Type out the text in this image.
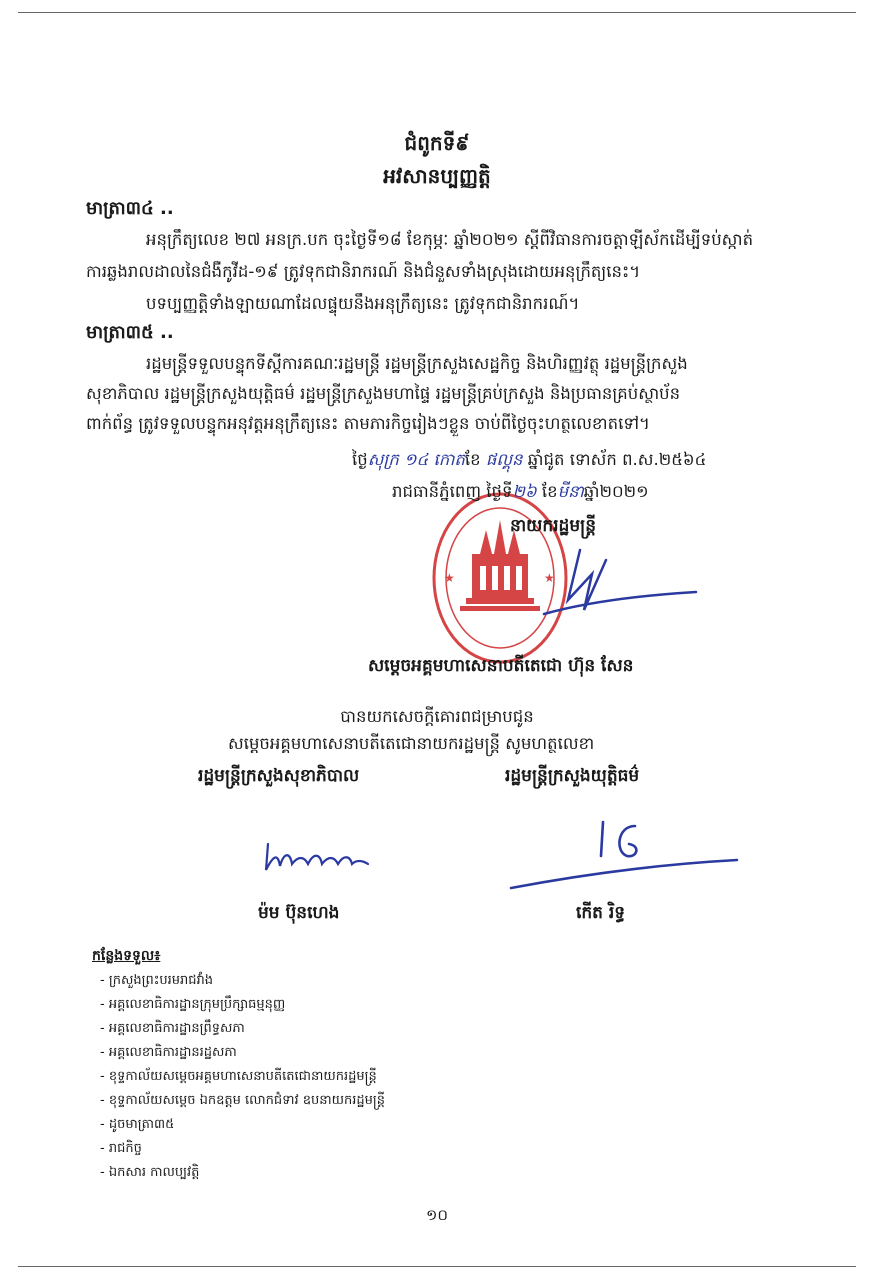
ជំពូកទី៩
អវសានប្បញ្ញត្តិ
មាត្រា៣៤ ..
អនុក្រឹត្យលេខ ២៧ អនក្រ.បក ចុះថ្ងៃទី១៨ ខែកុម្ភៈ ឆ្នាំ២០២១ ស្តីពីវិធានការចត្តាឡីស័កដើម្បីទប់ស្កាត់
ការឆ្លងរាលដាលនៃជំងឺកូវីដ-១៩ ត្រូវទុកជានិរាករណ៍ និងជំនួសទាំងស្រុងដោយអនុក្រឹត្យនេះ។
បទប្បញ្ញត្តិទាំងឡាយណាដែលផ្ទុយនឹងអនុក្រឹត្យនេះ ត្រូវទុកជានិរាករណ៍។
មាត្រា៣៥ ..
រដ្ឋមន្ត្រីទទួលបន្ទុកទីស្តីការគណៈរដ្ឋមន្ត្រី រដ្ឋមន្ត្រីក្រសួងសេដ្ឋកិច្ច និងហិរញ្ញវត្ថុ រដ្ឋមន្ត្រីក្រសួង
សុខាភិបាល រដ្ឋមន្ត្រីក្រសួងយុត្តិធម៌ រដ្ឋមន្ត្រីក្រសួងមហាផ្ទៃ រដ្ឋមន្ត្រីគ្រប់ក្រសួង និងប្រធានគ្រប់ស្ថាប័ន
ពាក់ព័ន្ធ ត្រូវទទួលបន្ទុកអនុវត្តអនុក្រឹត្យនេះ តាមភារកិច្ចរៀងៗខ្លួន ចាប់ពីថ្ងៃចុះហត្ថលេខាតទៅ។
★	★
ថ្ងៃសុក្រ ១៤ កោតខែ ផល្គុន ឆ្នាំជូត ទោស័ក ព.ស.២៥៦៤
រាជធានីភ្នំពេញ ថ្ងៃទី២៦ ខែមីនាឆ្នាំ២០២១
នាយករដ្ឋមន្ត្រី
សម្តេចអគ្គមហាសេនាបតីតេជោ ហ៊ុន សែន
បានយកសេចក្តីគោរពជម្រាបជូន
សម្តេចអគ្គមហាសេនាបតីតេជោនាយករដ្ឋមន្ត្រី សូមហត្ថលេខា
រដ្ឋមន្ត្រីក្រសួងសុខាភិបាល	រដ្ឋមន្ត្រីក្រសួងយុត្តិធម៌
ម៉ម ប៊ុនហេង	កើត រិទ្ធ
កន្លែងទទួល៖
- ក្រសួងព្រះបរមរាជវាំង
- អគ្គលេខាធិការដ្ឋានក្រុមប្រឹក្សាធម្មនុញ្ញ
- អគ្គលេខាធិការដ្ឋានព្រឹទ្ធសភា
- អគ្គលេខាធិការដ្ឋានរដ្ឋសភា
- ខុទ្ទកាល័យសម្តេចអគ្គមហាសេនាបតីតេជោនាយករដ្ឋមន្ត្រី
- ខុទ្ទកាល័យសម្តេច ឯកឧត្តម លោកជំទាវ ឧបនាយករដ្ឋមន្ត្រី
- ដូចមាត្រា៣៥
- រាជកិច្ច
- ឯកសារ កាលប្បវត្តិ
១០
